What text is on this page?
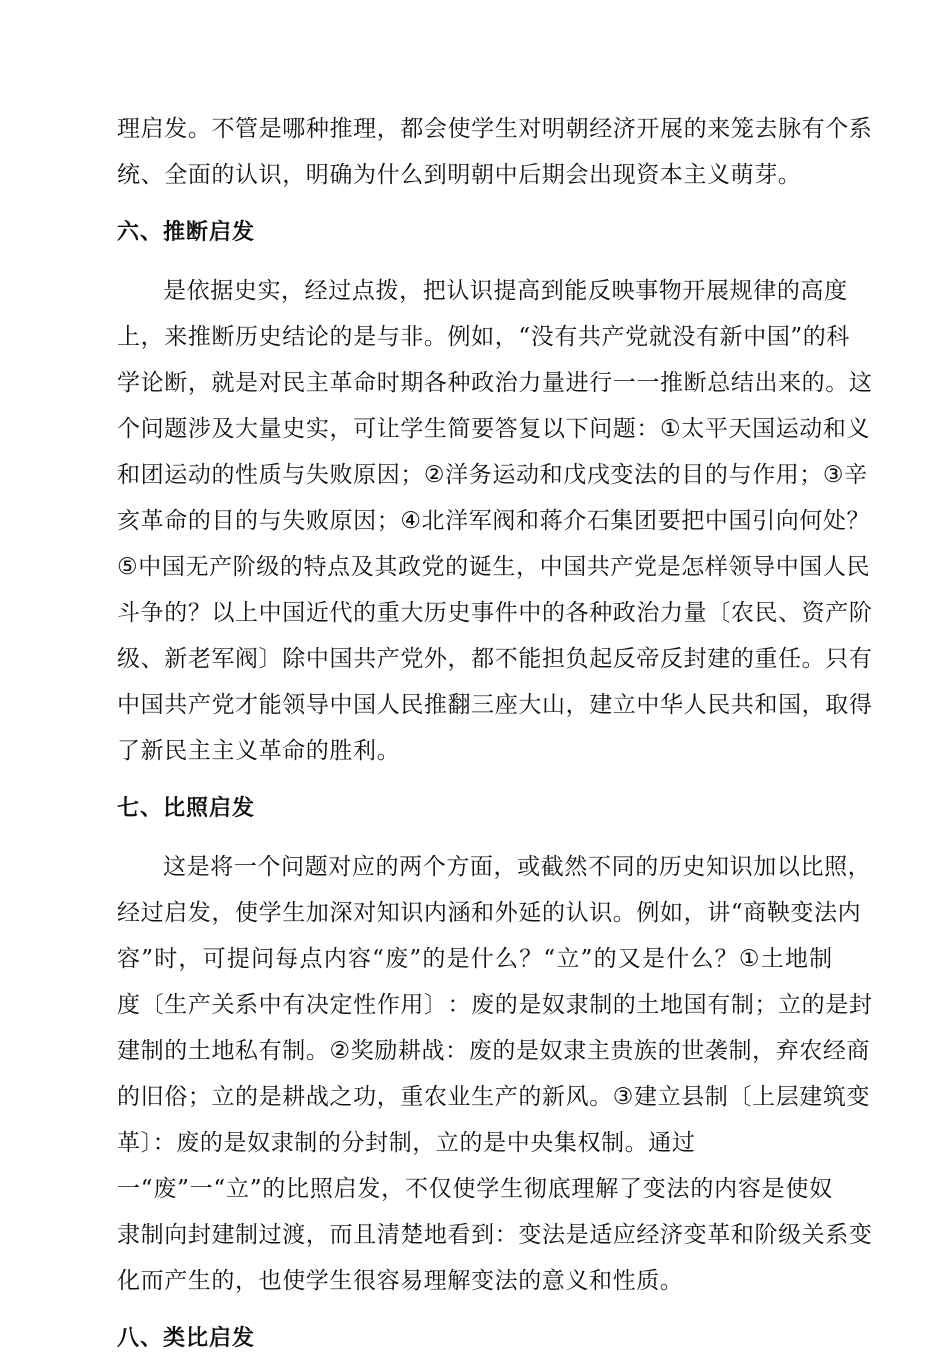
理 启 发 。 不 管 是 哪 种 推 理 ， 都 会 使 学 生 对 明 朝 经 济 开 展 的 来 笼 去 脉 有 个 系
统、全面的认识，明确为什么到明朝中后期会出现资本主义萌芽。
六、推断启发
是 依 据 史 实 ， 经 过 点 拨 ， 把 认 识 提 高 到 能 反 映 事 物 开 展 规 律 的 高 度
上 ， 来 推 断 历 史 结 论 的 是 与 非 。 例 如 ， “ 没 有 共 产 党 就 没 有 新 中 国 ” 的 科
学 论 断 ， 就 是 对 民 主 革 命 时 期 各 种 政 治 力 量 进 行 一 一 推 断 总 结 出 来 的 。 这
个 问 题 涉 及 大 量 史 实 ， 可 让 学 生 简 要 答 复 以 下 问 题 ： ① 太 平 天 国 运 动 和 义
和 团 运 动 的 性 质 与 失 败 原 因 ； ② 洋 务 运 动 和 戊 戌 变 法 的 目 的 与 作 用 ； ③ 辛
亥 革 命 的 目 的 与 失 败 原 因 ； ④ 北 洋 军 阀 和 蒋 介 石 集 团 要 把 中 国 引 向 何 处 ？
⑤ 中 国 无 产 阶 级 的 特 点 及 其 政 党 的 诞 生 ， 中 国 共 产 党 是 怎 样 领 导 中 国 人 民
斗 争 的 ？ 以 上 中 国 近 代 的 重 大 历 史 事 件 中 的 各 种 政 治 力 量 〔 农 民 、 资 产 阶
级 、 新 老 军 阀 〕 除 中 国 共 产 党 外 ， 都 不 能 担 负 起 反 帝 反 封 建 的 重 任 。 只 有
中 国 共 产 党 才 能 领 导 中 国 人 民 推 翻 三 座 大 山 ， 建 立 中 华 人 民 共 和 国 ， 取 得
了新民主主义革命的胜利。
七、比照启发
这 是 将 一 个 问 题 对 应 的 两 个 方 面 ， 或 截 然 不 同 的 历 史 知 识 加 以 比 照 ，
经 过 启 发 ， 使 学 生 加 深 对 知 识 内 涵 和 外 延 的 认 识 。 例 如 ， 讲 “ 商 鞅 变 法 内
容 ” 时 ， 可 提 问 每 点 内 容 “ 废 ” 的 是 什 么 ？ “ 立 ” 的 又 是 什 么 ？ ① 土 地 制
度 〔 生 产 关 系 中 有 决 定 性 作 用 〕 ： 废 的 是 奴 隶 制 的 土 地 国 有 制 ； 立 的 是 封
建 制 的 土 地 私 有 制 。 ② 奖 励 耕 战 ： 废 的 是 奴 隶 主 贵 族 的 世 袭 制 ， 弃 农 经 商
的 旧 俗 ； 立 的 是 耕 战 之 功 ， 重 农 业 生 产 的 新 风 。 ③ 建 立 县 制 〔 上 层 建 筑 变
革〕：废的是奴隶制的分封制，立的是中央集权制。通过
一 “ 废 ” 一 “ 立 ” 的 比 照 启 发 ， 不 仅 使 学 生 彻 底 理 解 了 变 法 的 内 容 是 使 奴
隶 制 向 封 建 制 过 渡 ， 而 且 清 楚 地 看 到 ： 变 法 是 适 应 经 济 变 革 和 阶 级 关 系 变
化而产生的，也使学生很容易理解变法的意义和性质。
八、类比启发
